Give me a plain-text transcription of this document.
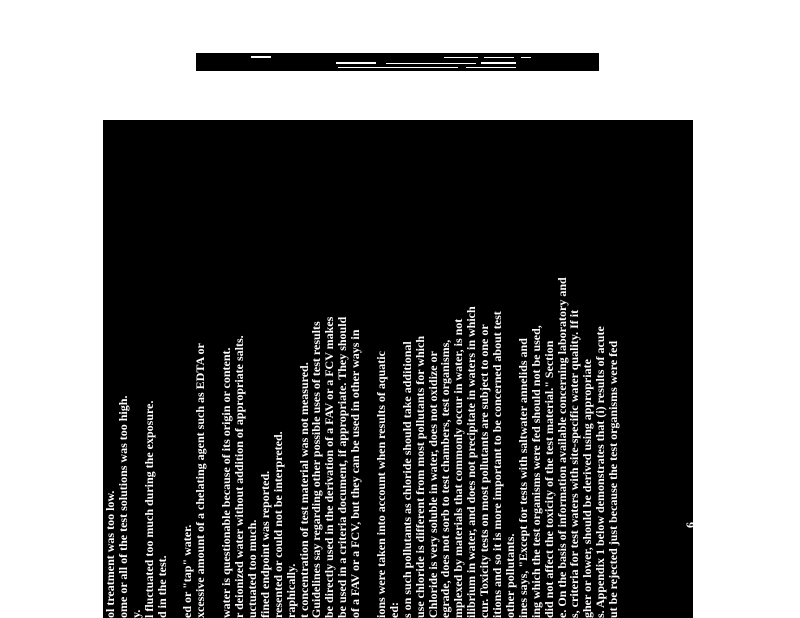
6
ol treatment was too low.
ome or all of the test solutions was too high.
y.
l fluctuated too much during the exposure.
d in the test. ed or "tap" water.
xcessive amount of a chelating agent such as EDTA or water is questionable because of its origin or content.
r deionized water without addition of appropriate salts.
uctuated too much.
fined endpoint was reported.
resented or could not be interpreted.
raphically.
t concentration of test material was not measured.
Guidelines say regarding other possible uses of test results
be directly used in the derivation of a FAV or a FCV makes
be used in a criteria document, if appropriate. They should
of a FAV or a FCV, but they can be used in other ways in ions were taken into account when results of aquatic
ed:
s on such pollutants as chloride should take additional
use chloride is different from most pollutants for which
Chloride is very soluble in water, does not oxidize or
egrade, does not sorb to test chambers, test organisms,
mplexed by materials that commonly occur in water, is not
ilibrium in water, and does not precipitate in waters in which
cur. Toxicity tests on most pollutants are subject to one or
itions and so it is more important to be concerned about test
other pollutants.
ines says, "Except for tests with saltwater annelids and
ing which the test organisms were fed should not be used,
did not affect the toxicity of the test material." Section
e. On the basis of information available concerning laboratory and
s, criteria for test waters with site-specific water quality. If it
gher or lower, should be derived using appropriate
s. Appendix 1 below demonstrates that (i) results of acute
ut be rejected just because the test organisms were fed
